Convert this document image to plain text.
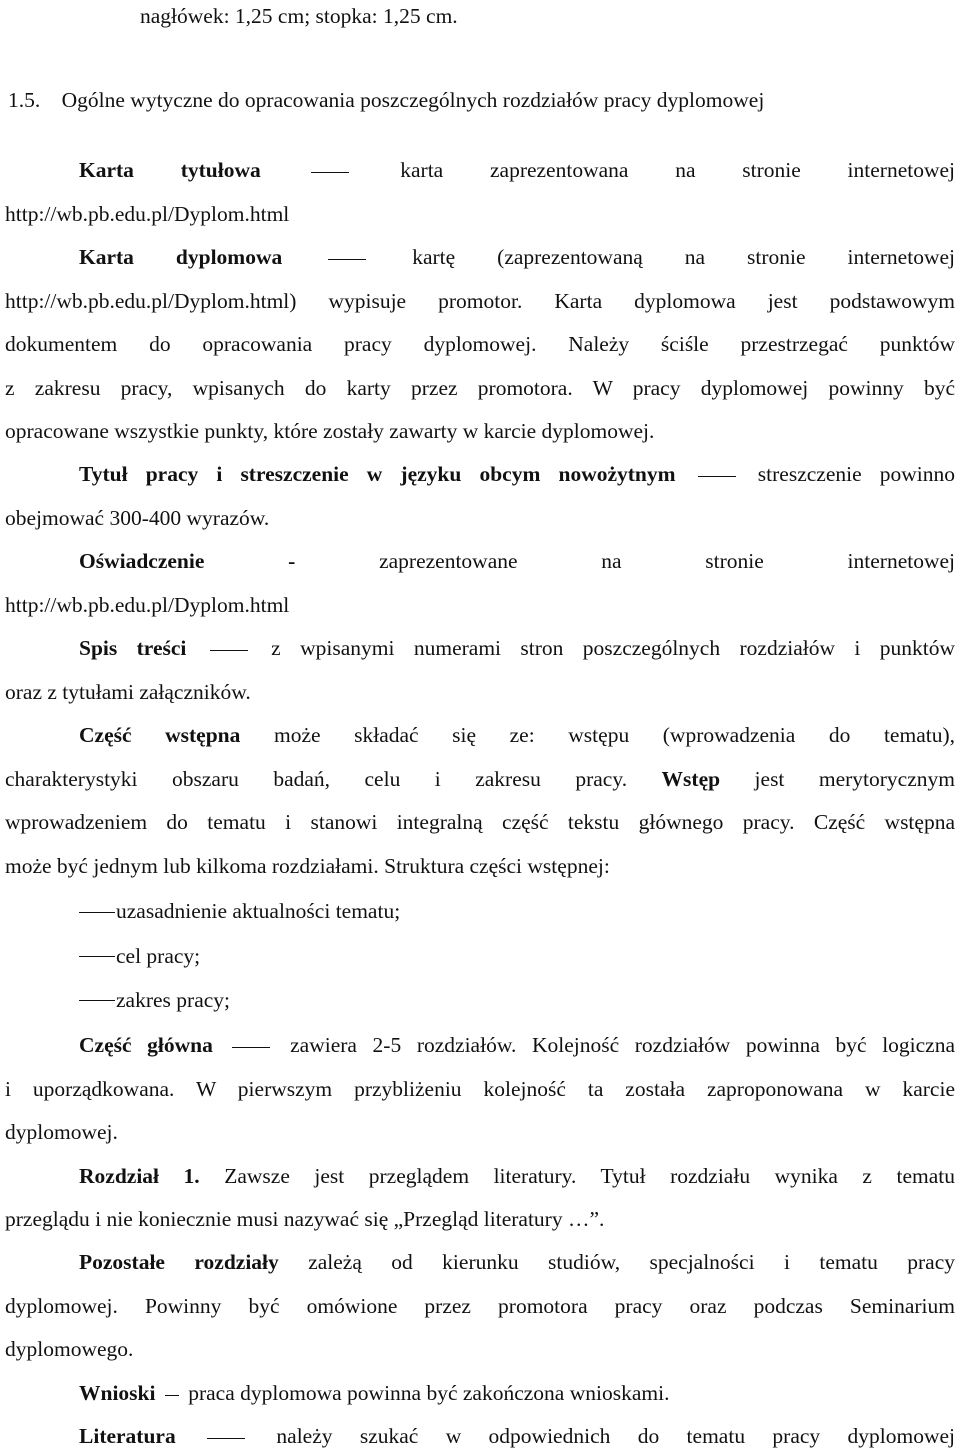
nagłówek: 1,25 cm; stopka: 1,25 cm.
1.5. Ogólne wytyczne do opracowania poszczególnych rozdziałów pracy dyplomowej
Karta tytułowa	karta zaprezentowana na stronie internetowej
http://wb.pb.edu.pl/Dyplom.html
Karta dyplomowa	kartę (zaprezentowaną na stronie internetowej
http://wb.pb.edu.pl/Dyplom.html) wypisuje promotor. Karta dyplomowa jest podstawowym
dokumentem do opracowania pracy dyplomowej. Należy ściśle przestrzegać punktów
z zakresu pracy, wpisanych do karty przez promotora. W pracy dyplomowej powinny być
opracowane wszystkie punkty, które zostały zawarty w karcie dyplomowej.
Tytuł pracy i streszczenie w języku obcym nowożytnym	streszczenie powinno
obejmować 300-400 wyrazów.
Oświadczenie	-	zaprezentowane na stronie internetowej
http://wb.pb.edu.pl/Dyplom.html
Spis treści	z wpisanymi numerami stron poszczególnych rozdziałów i punktów
oraz z tytułami załączników.
Część wstępna może składać się ze: wstępu (wprowadzenia do tematu),
charakterystyki obszaru badań, celu i zakresu pracy. Wstęp jest merytorycznym
wprowadzeniem do tematu i stanowi integralną część tekstu głównego pracy. Część wstępna
może być jednym lub kilkoma rozdziałami. Struktura części wstępnej:
uzasadnienie aktualności tematu;
cel pracy;
zakres pracy;
Część główna	zawiera 2-5 rozdziałów. Kolejność rozdziałów powinna być logiczna
i uporządkowana. W pierwszym przybliżeniu kolejność ta została zaproponowana w karcie
dyplomowej.
Rozdział 1. Zawsze jest przeglądem literatury. Tytuł rozdziału wynika z tematu
przeglądu i nie koniecznie musi nazywać się „Przegląd literatury …”.
Pozostałe rozdziały zależą od kierunku studiów, specjalności i tematu pracy
dyplomowej. Powinny być omówione przez promotora pracy oraz podczas Seminarium
dyplomowego.
Wnioski praca dyplomowa powinna być zakończona wnioskami.
Literatura	należy szukać w odpowiednich do tematu pracy dyplomowej
